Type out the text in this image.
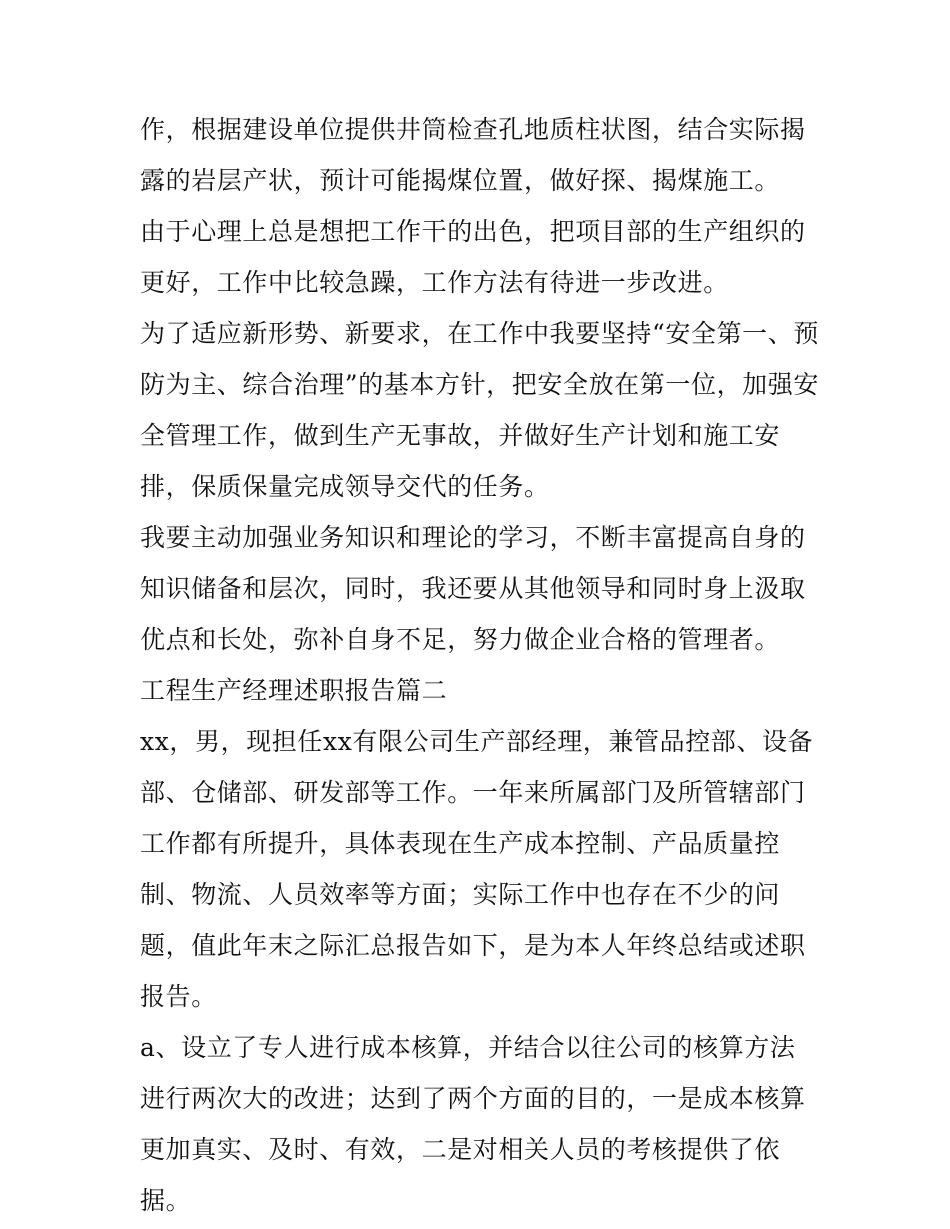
作，根据建设单位提供井筒检查孔地质柱状图，结合实际揭露的岩层产状，预计可能揭煤位置，做好探、揭煤施工。

由于心理上总是想把工作干的出色，把项目部的生产组织的更好，工作中比较急躁，工作方法有待进一步改进。

为了适应新形势、新要求，在工作中我要坚持“安全第一、预防为主、综合治理”的基本方针，把安全放在第一位，加强安全管理工作，做到生产无事故，并做好生产计划和施工安排，保质保量完成领导交代的任务。

我要主动加强业务知识和理论的学习，不断丰富提高自身的知识储备和层次，同时，我还要从其他领导和同时身上汲取优点和长处，弥补自身不足，努力做企业合格的管理者。

工程生产经理述职报告篇二

xx，男，现担任xx有限公司生产部经理，兼管品控部、设备部、仓储部、研发部等工作。一年来所属部门及所管辖部门工作都有所提升，具体表现在生产成本控制、产品质量控制、物流、人员效率等方面；实际工作中也存在不少的问题，值此年末之际汇总报告如下，是为本人年终总结或述职报告。

a、设立了专人进行成本核算，并结合以往公司的核算方法进行两次大的改进；达到了两个方面的目的，一是成本核算更加真实、及时、有效，二是对相关人员的考核提供了依据。
